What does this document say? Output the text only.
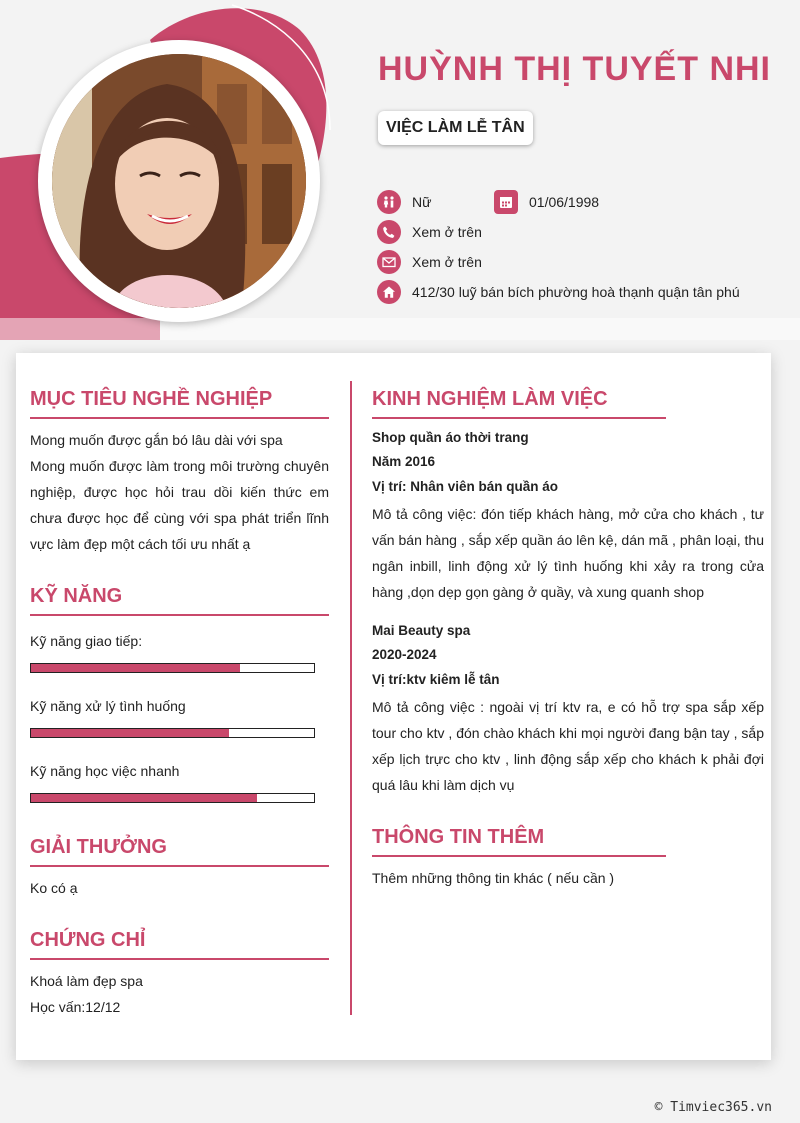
HUỲNH THỊ TUYẾT NHI
VIỆC LÀM LỄ TÂN
Nữ	01/06/1998
Xem ở trên
Xem ở trên
412/30 luỹ bán bích phường hoà thạnh quận tân phú
MỤC TIÊU NGHỀ NGHIỆP
Mong muốn được gắn bó lâu dài với spa
Mong muốn được làm trong môi trường chuyên nghiệp, được học hỏi trau dồi kiến thức em chưa được học để cùng với spa phát triển lĩnh vực làm đẹp một cách tối ưu nhất ạ
KỸ NĂNG
Kỹ năng giao tiếp:
Kỹ năng xử lý tình huống
Kỹ năng học việc nhanh
GIẢI THƯỞNG
Ko có ạ
CHỨNG CHỈ
Khoá làm đẹp spa
Học vấn:12/12
KINH NGHIỆM LÀM VIỆC
Shop quần áo thời trang
Năm 2016
Vị trí: Nhân viên bán quần áo
Mô tả công việc: đón tiếp khách hàng, mở cửa cho khách , tư vấn bán hàng , sắp xếp quần áo lên kệ, dán mã , phân loại, thu ngân inbill, linh động xử lý tình huống khi xảy ra trong cửa hàng ,dọn dẹp gọn gàng ở quầy, và xung quanh shop
Mai Beauty spa
2020-2024
Vị trí:ktv kiêm lễ tân
Mô tả công việc : ngoài vị trí ktv ra, e có hỗ trợ spa sắp xếp tour cho ktv , đón chào khách khi mọi người đang bận tay , sắp xếp lịch trực cho ktv , linh động sắp xếp cho khách k phải đợi quá lâu khi làm dịch vụ
THÔNG TIN THÊM
Thêm những thông tin khác ( nếu cần )
© Timviec365.vn
